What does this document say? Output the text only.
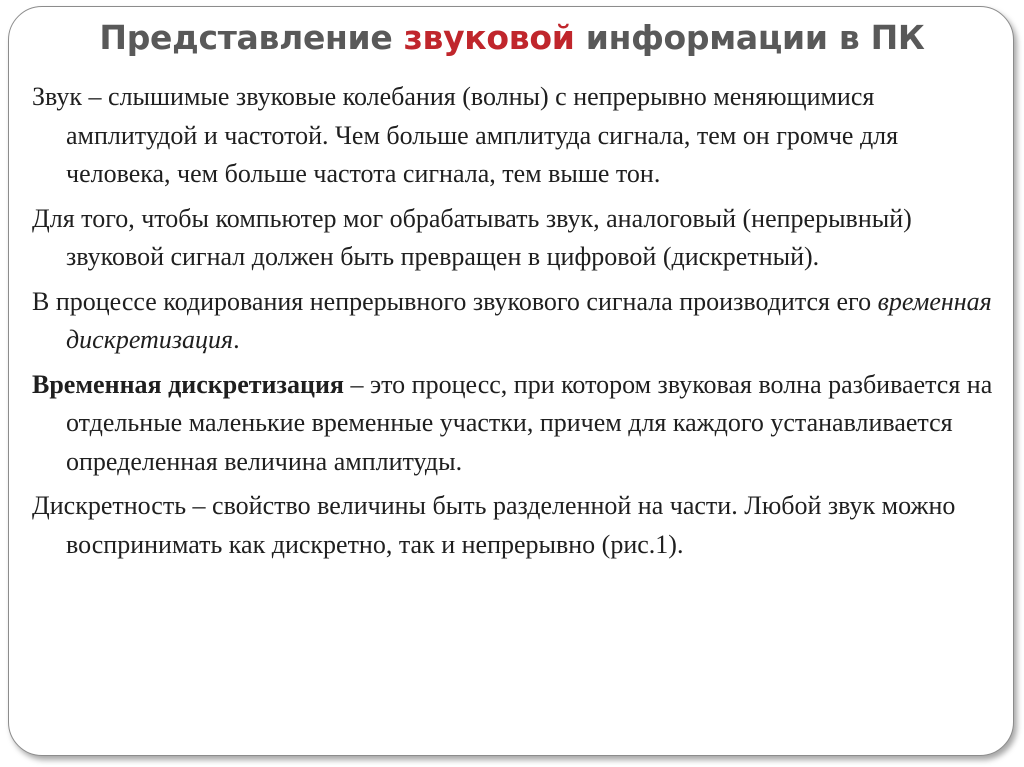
Представление звуковой информации в ПК

Звук – слышимые звуковые колебания (волны) с непрерывно меняющимися амплитудой и частотой. Чем больше амплитуда сигнала, тем он громче для человека, чем больше частота сигнала, тем выше тон.

Для того, чтобы компьютер мог обрабатывать звук, аналоговый (непрерывный) звуковой сигнал должен быть превращен в цифровой (дискретный).

В процессе кодирования непрерывного звукового сигнала производится его временная дискретизация.

Временная дискретизация – это процесс, при котором звуковая волна разбивается на отдельные маленькие временные участки, причем для каждого устанавливается определенная величина амплитуды.

Дискретность – свойство величины быть разделенной на части. Любой звук можно воспринимать как дискретно, так и непрерывно (рис.1).
